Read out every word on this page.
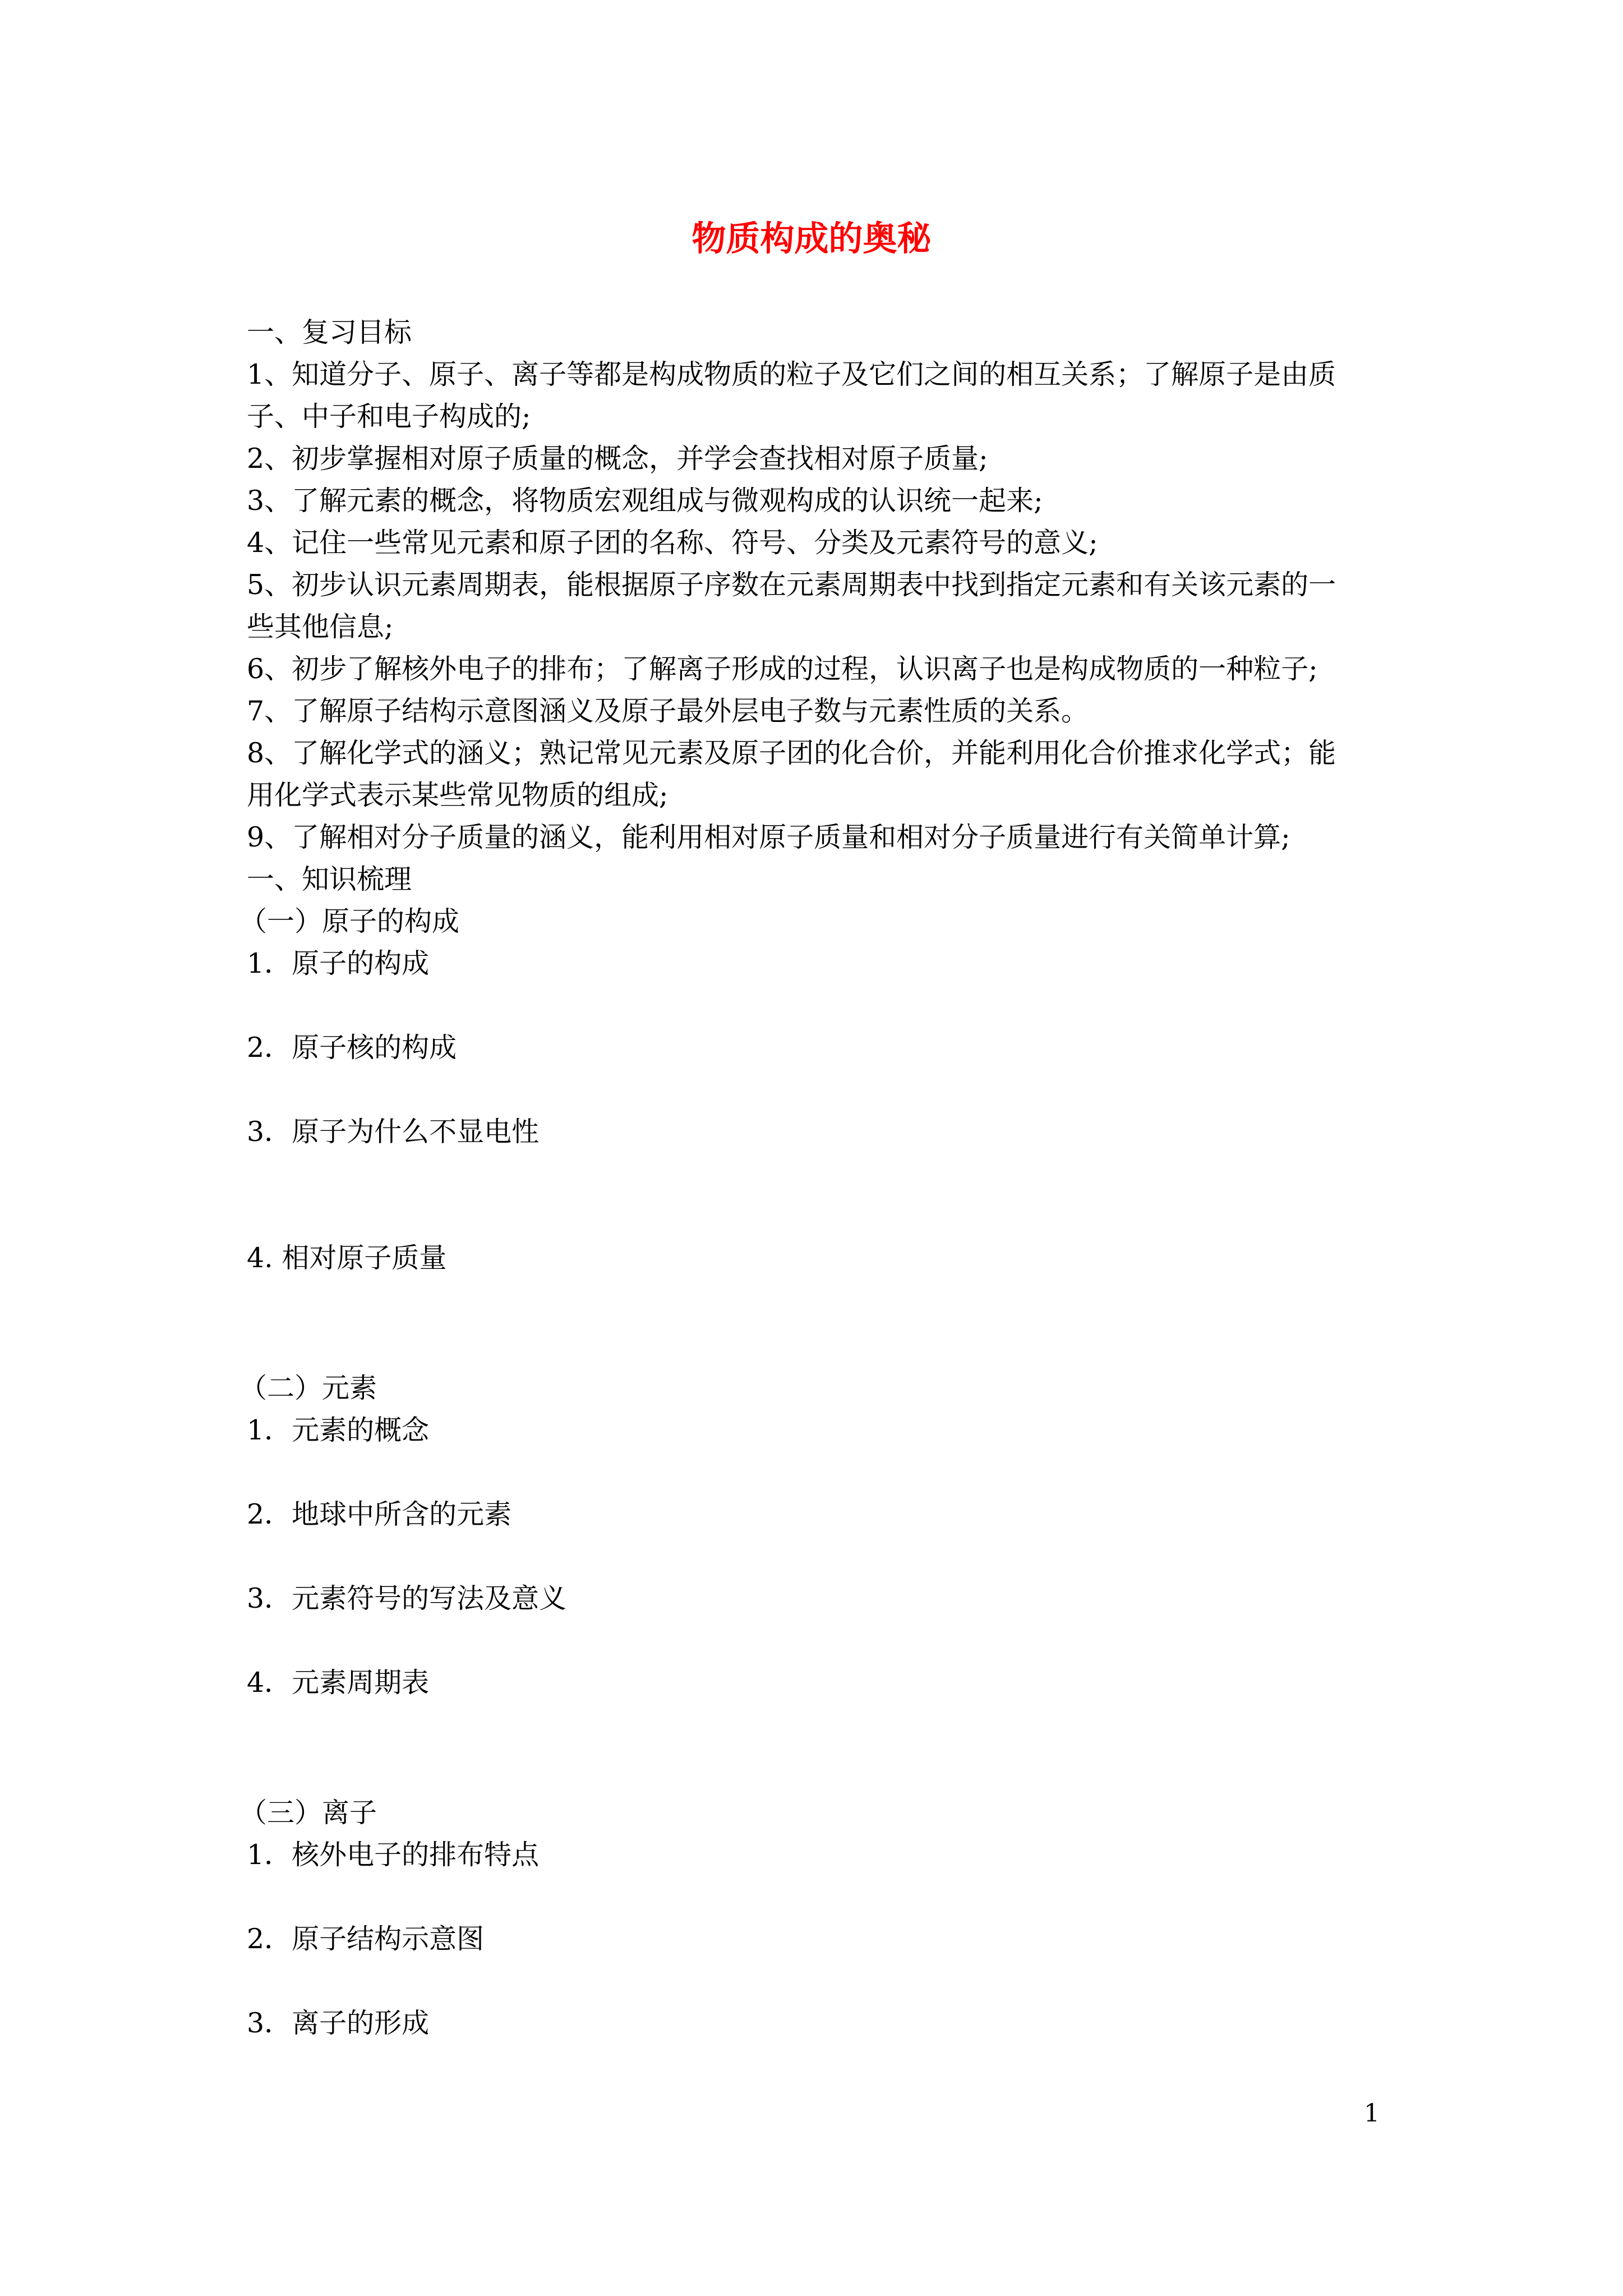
物质构成的奥秘
一、复习目标
1、知道分子、原子、离子等都是构成物质的粒子及它们之间的相互关系；了解原子是由质
子、中子和电子构成的;
2、初步掌握相对原子质量的概念，并学会查找相对原子质量;
3、了解元素的概念，将物质宏观组成与微观构成的认识统一起来;
4、记住一些常见元素和原子团的名称、符号、分类及元素符号的意义;
5、初步认识元素周期表，能根据原子序数在元素周期表中找到指定元素和有关该元素的一
些其他信息;
6、初步了解核外电子的排布；了解离子形成的过程，认识离子也是构成物质的一种粒子;
7、了解原子结构示意图涵义及原子最外层电子数与元素性质的关系。
8、了解化学式的涵义；熟记常见元素及原子团的化合价，并能利用化合价推求化学式；能
用化学式表示某些常见物质的组成;
9、了解相对分子质量的涵义，能利用相对原子质量和相对分子质量进行有关简单计算;
一、知识梳理
（一）原子的构成
1．原子的构成
2．原子核的构成
3．原子为什么不显电性
4. 相对原子质量
（二）元素
1．元素的概念
2．地球中所含的元素
3．元素符号的写法及意义
4．元素周期表
（三）离子
1．核外电子的排布特点
2．原子结构示意图
3．离子的形成
1
